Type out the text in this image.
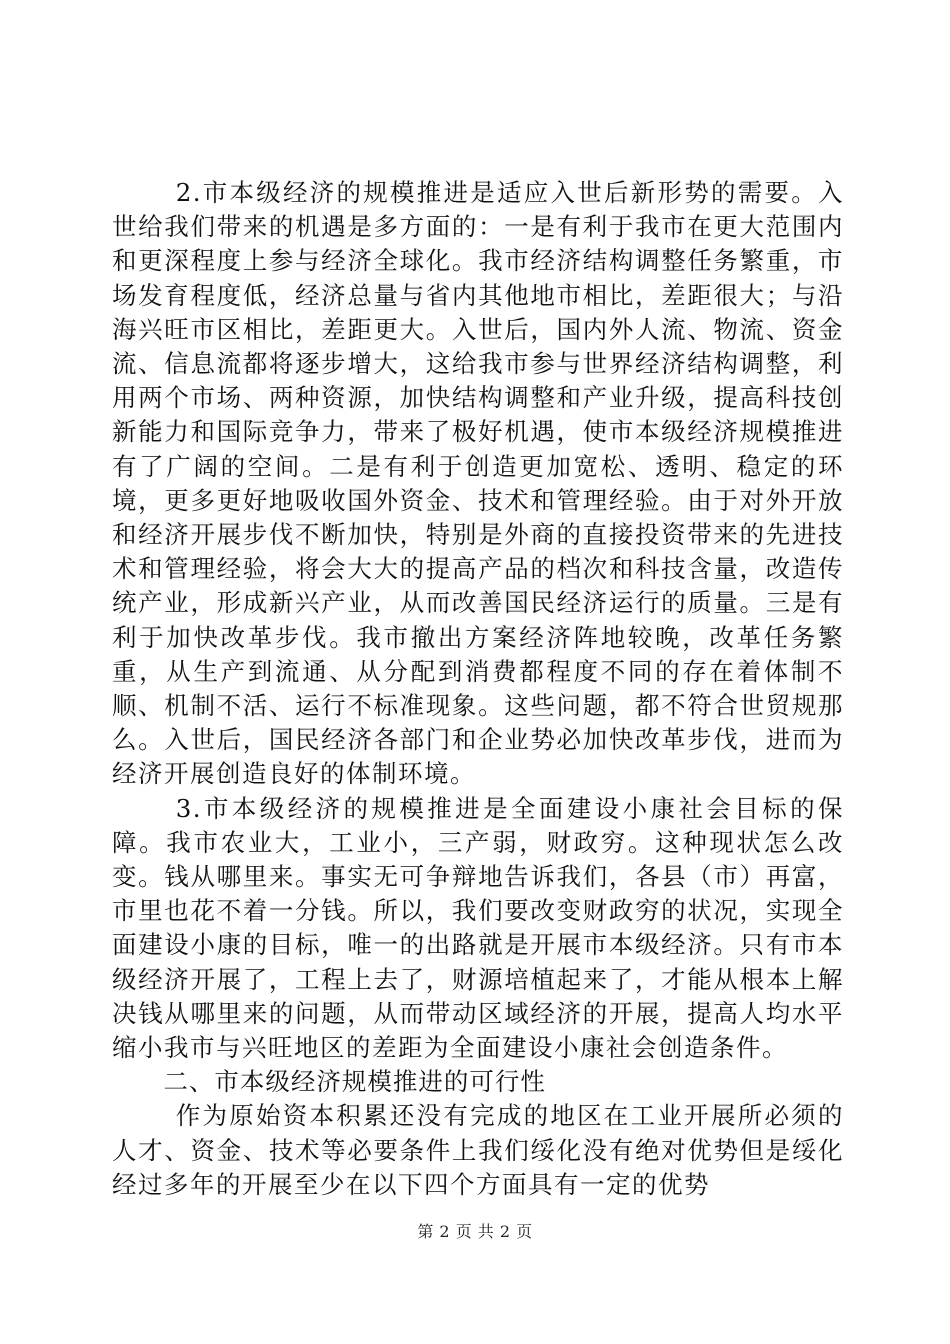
2.市本级经济的规模推进是适应入世后新形势的需要。入世给我们带来的机遇是多方面的：一是有利于我市在更大范围内和更深程度上参与经济全球化。我市经济结构调整任务繁重，市场发育程度低，经济总量与省内其他地市相比，差距很大；与沿海兴旺市区相比，差距更大。入世后，国内外人流、物流、资金流、信息流都将逐步增大，这给我市参与世界经济结构调整，利用两个市场、两种资源，加快结构调整和产业升级，提高科技创新能力和国际竞争力，带来了极好机遇，使市本级经济规模推进有了广阔的空间。二是有利于创造更加宽松、透明、稳定的环境，更多更好地吸收国外资金、技术和管理经验。由于对外开放和经济开展步伐不断加快，特别是外商的直接投资带来的先进技术和管理经验，将会大大的提高产品的档次和科技含量，改造传统产业，形成新兴产业，从而改善国民经济运行的质量。三是有利于加快改革步伐。我市撤出方案经济阵地较晚，改革任务繁重，从生产到流通、从分配到消费都程度不同的存在着体制不顺、机制不活、运行不标准现象。这些问题，都不符合世贸规那么。入世后，国民经济各部门和企业势必加快改革步伐，进而为经济开展创造良好的体制环境。

3.市本级经济的规模推进是全面建设小康社会目标的保障。我市农业大，工业小，三产弱，财政穷。这种现状怎么改变。钱从哪里来。事实无可争辩地告诉我们，各县（市）再富，市里也花不着一分钱。所以，我们要改变财政穷的状况，实现全面建设小康的目标，唯一的出路就是开展市本级经济。只有市本级经济开展了，工程上去了，财源培植起来了，才能从根本上解决钱从哪里来的问题，从而带动区域经济的开展，提高人均水平缩小我市与兴旺地区的差距为全面建设小康社会创造条件。

二、市本级经济规模推进的可行性

作为原始资本积累还没有完成的地区在工业开展所必须的人才、资金、技术等必要条件上我们绥化没有绝对优势但是绥化经过多年的开展至少在以下四个方面具有一定的优势

第 2 页 共 2 页
